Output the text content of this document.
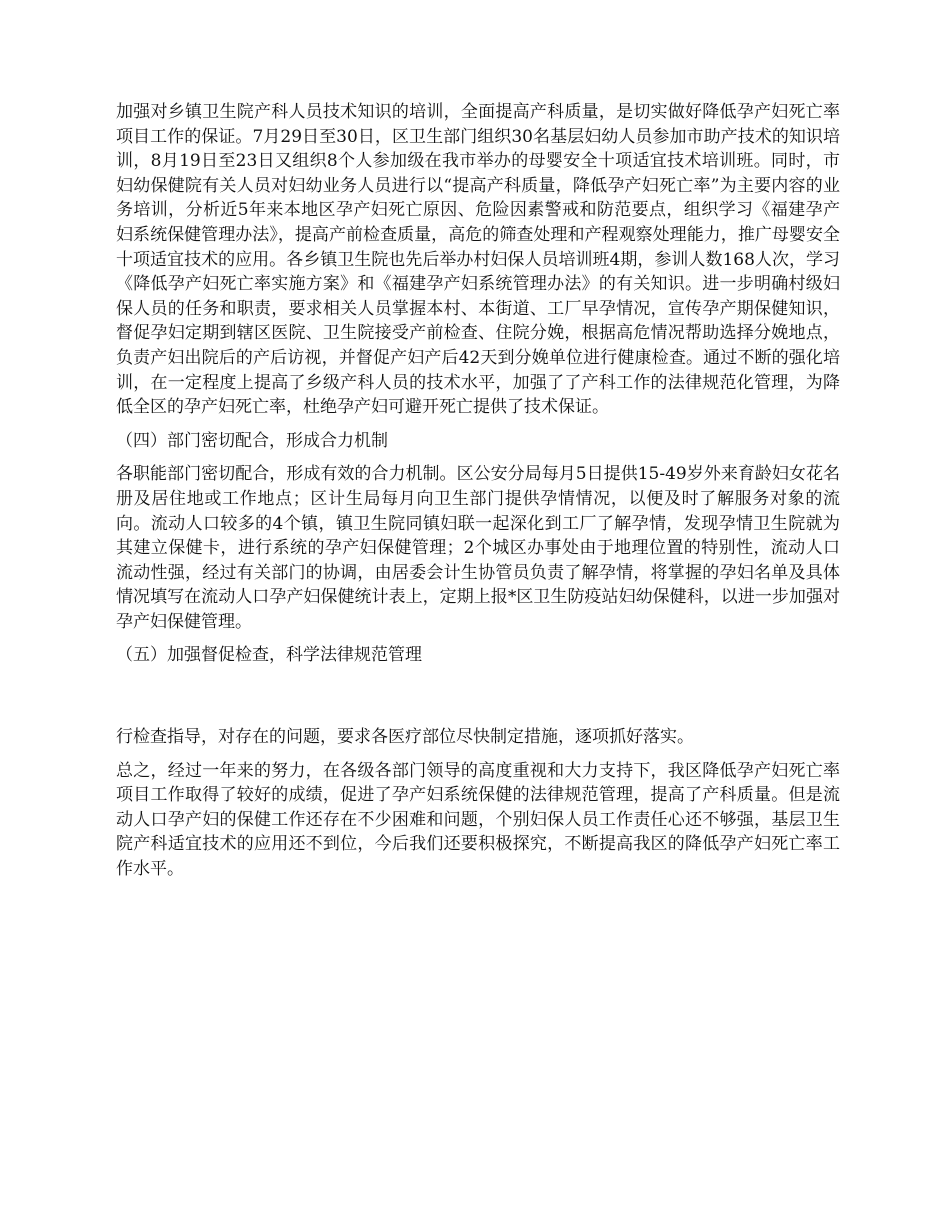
加强对乡镇卫生院产科人员技术知识的培训，全面提高产科质量，是切实做好降低孕产妇死亡率项目工作的保证。7月29日至30日，区卫生部门组织30名基层妇幼人员参加市助产技术的知识培训，8月19日至23日又组织8个人参加级在我市举办的母婴安全十项适宜技术培训班。同时，市妇幼保健院有关人员对妇幼业务人员进行以“提高产科质量，降低孕产妇死亡率”为主要内容的业务培训，分析近5年来本地区孕产妇死亡原因、危险因素警戒和防范要点，组织学习《福建孕产妇系统保健管理办法》，提高产前检查质量，高危的筛查处理和产程观察处理能力，推广母婴安全十项适宜技术的应用。各乡镇卫生院也先后举办村妇保人员培训班4期，参训人数168人次，学习《降低孕产妇死亡率实施方案》和《福建孕产妇系统管理办法》的有关知识。进一步明确村级妇保人员的任务和职责，要求相关人员掌握本村、本街道、工厂早孕情况，宣传孕产期保健知识，督促孕妇定期到辖区医院、卫生院接受产前检查、住院分娩，根据高危情况帮助选择分娩地点，负责产妇出院后的产后访视，并督促产妇产后42天到分娩单位进行健康检查。通过不断的强化培训，在一定程度上提高了乡级产科人员的技术水平，加强了了产科工作的法律规范化管理，为降低全区的孕产妇死亡率，杜绝孕产妇可避开死亡提供了技术保证。

（四）部门密切配合，形成合力机制

各职能部门密切配合，形成有效的合力机制。区公安分局每月5日提供15-49岁外来育龄妇女花名册及居住地或工作地点；区计生局每月向卫生部门提供孕情情况，以便及时了解服务对象的流向。流动人口较多的4个镇，镇卫生院同镇妇联一起深化到工厂了解孕情，发现孕情卫生院就为其建立保健卡，进行系统的孕产妇保健管理；2个城区办事处由于地理位置的特别性，流动人口流动性强，经过有关部门的协调，由居委会计生协管员负责了解孕情，将掌握的孕妇名单及具体情况填写在流动人口孕产妇保健统计表上，定期上报*区卫生防疫站妇幼保健科，以进一步加强对孕产妇保健管理。

（五）加强督促检查，科学法律规范管理

行检查指导，对存在的问题，要求各医疗部位尽快制定措施，逐项抓好落实。

总之，经过一年来的努力，在各级各部门领导的高度重视和大力支持下，我区降低孕产妇死亡率项目工作取得了较好的成绩，促进了孕产妇系统保健的法律规范管理，提高了产科质量。但是流动人口孕产妇的保健工作还存在不少困难和问题，个别妇保人员工作责任心还不够强，基层卫生院产科适宜技术的应用还不到位，今后我们还要积极探究，不断提高我区的降低孕产妇死亡率工作水平。
